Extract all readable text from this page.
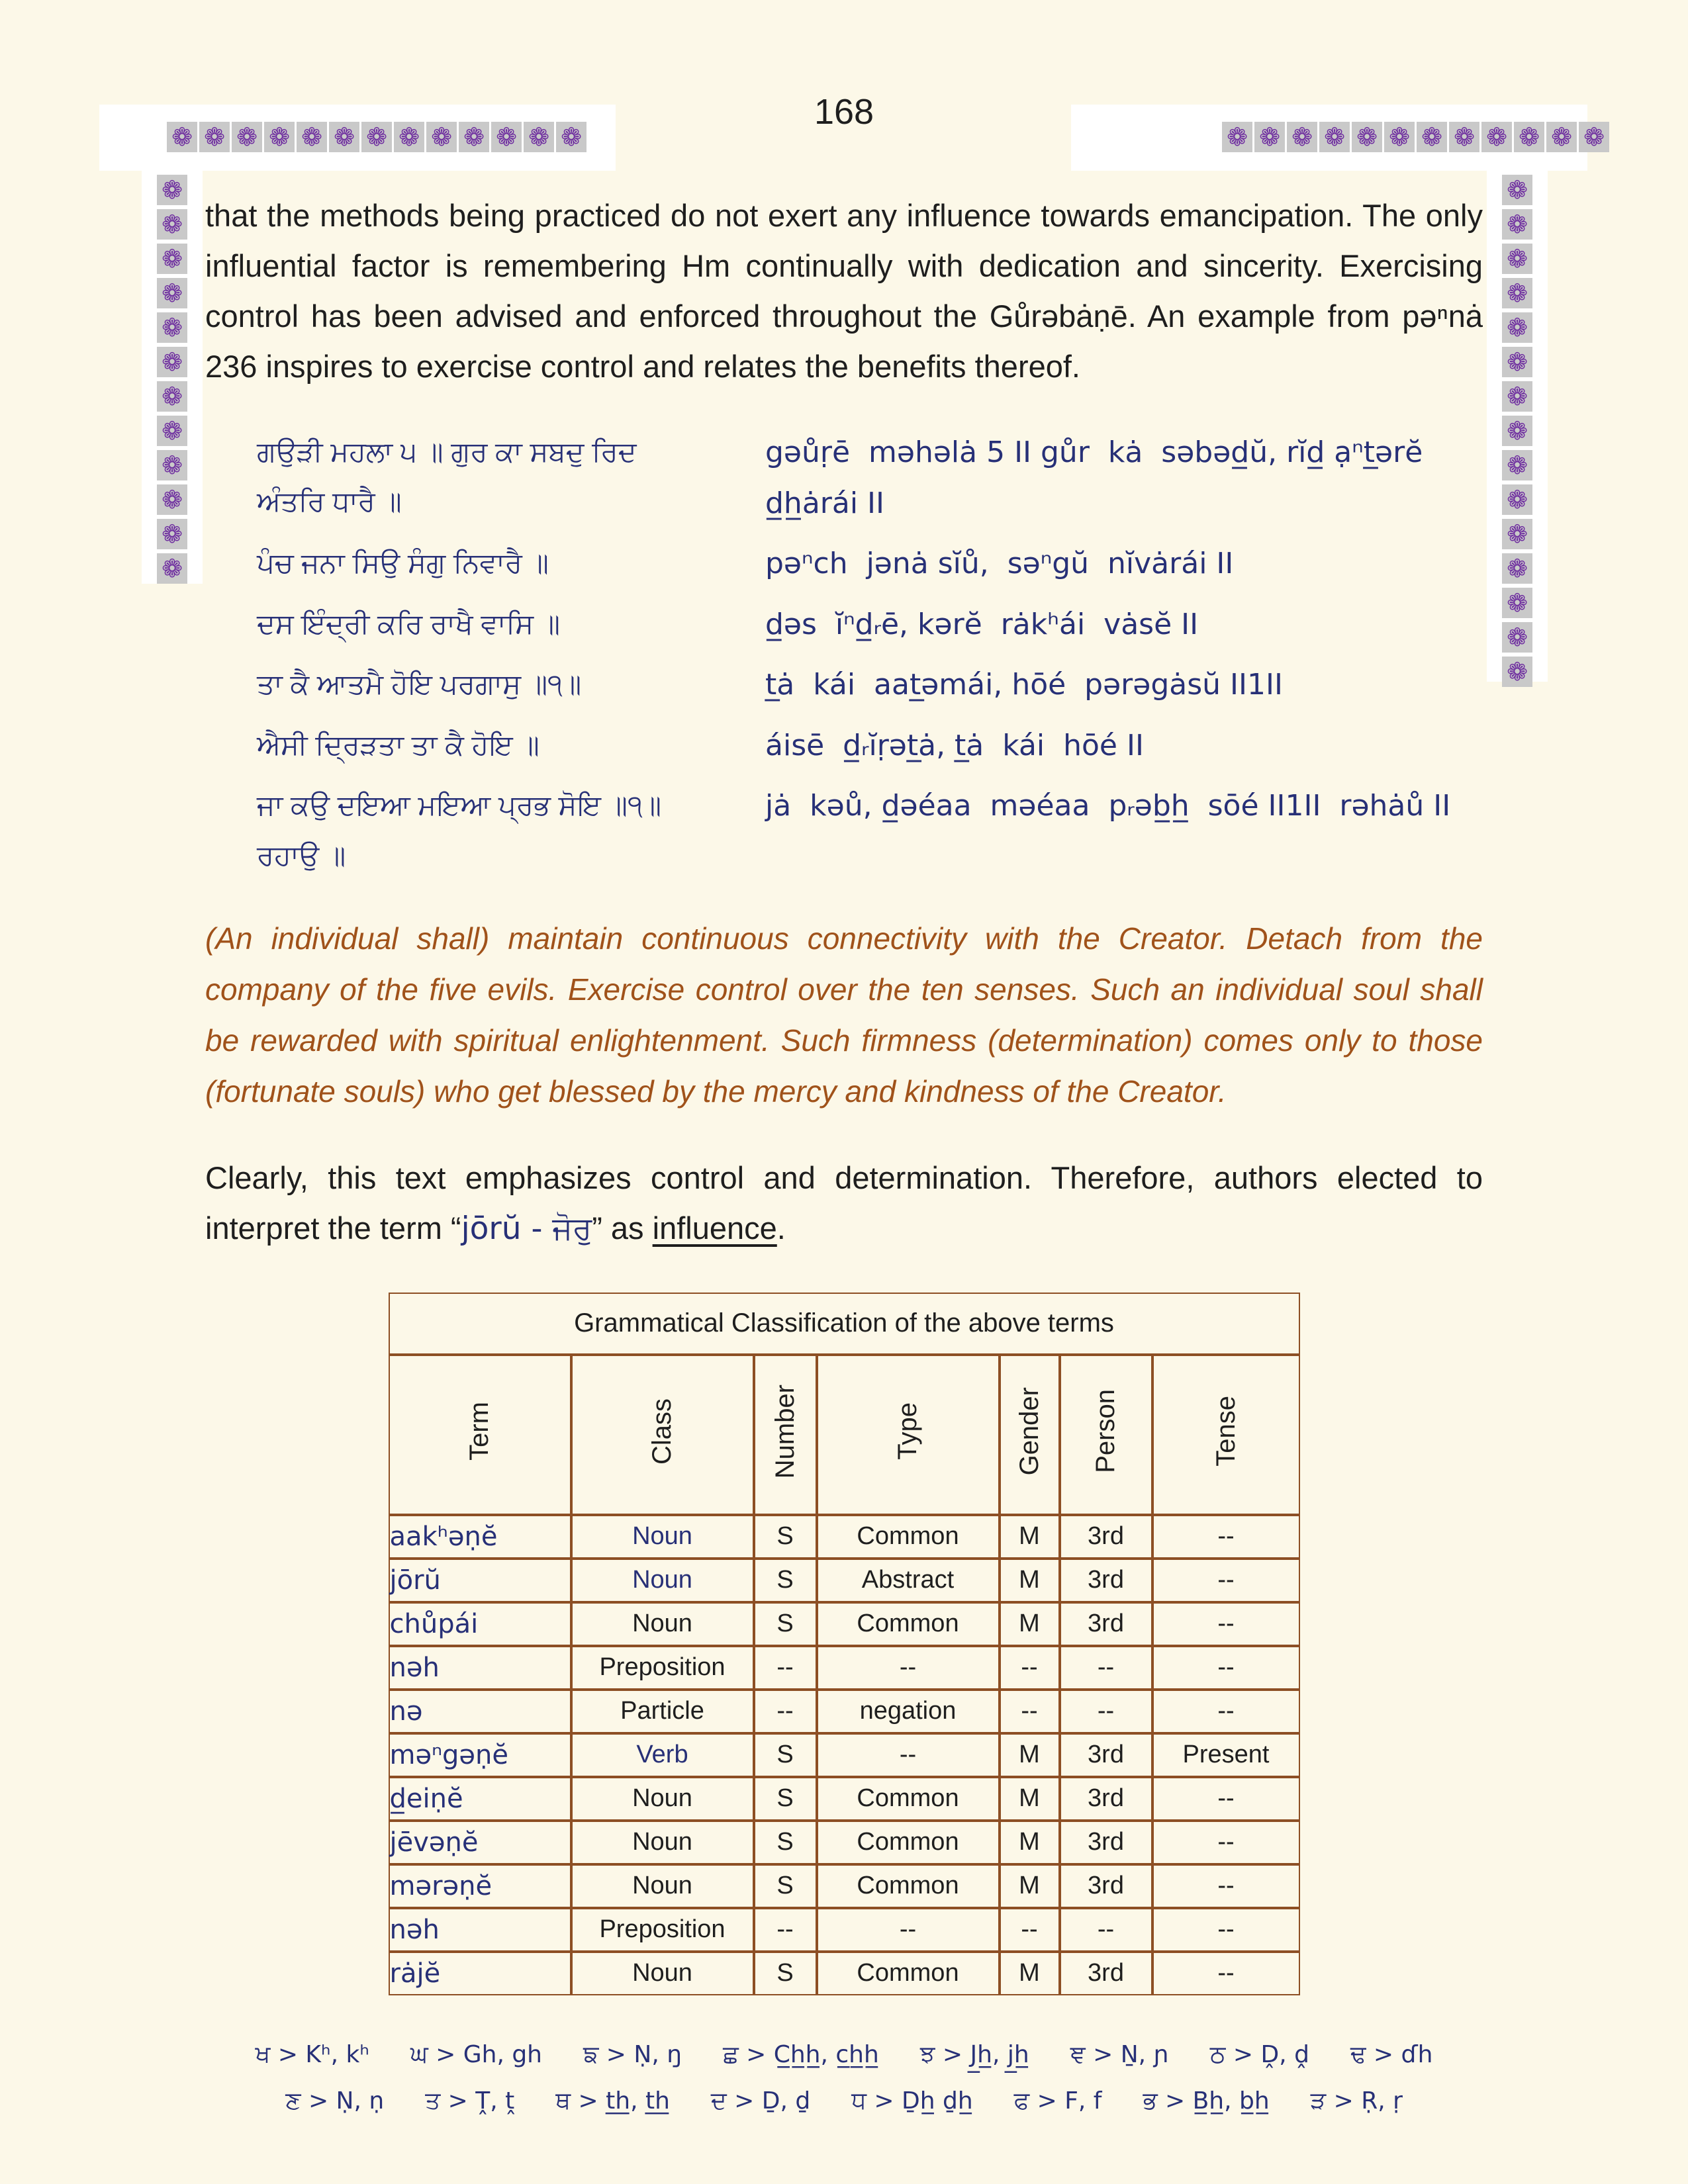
❁ ❁ ❁ ❁ ❁ ❁ ❁ ❁ ❁ ❁ ❁ ❁ ❁	❁ ❁ ❁ ❁ ❁ ❁ ❁ ❁ ❁ ❁ ❁ ❁
❁
❁
❁
❁
❁
❁
❁
❁
❁
❁
❁
❁
❁
❁
❁
❁
❁
❁
❁
❁
❁
❁
❁
❁
❁
❁
❁
168

that the methods being practiced do not exert any influence towards emancipation. The only influential factor is remembering Hm continually with dedication and sincerity. Exercising control has been advised and enforced throughout the Gůrəbȧṇē. An example from pəⁿnȧ 236 inspires to exercise control and relates the benefits thereof.

ਗਉੜੀ ਮਹਲਾ ੫ ॥ ਗੁਰ ਕਾ ਸਬਦੁ ਰਿਦ ਅੰਤਰਿ ਧਾਰੈ ॥
gəůṛē  məhəlȧ 5 II gůr  kȧ  səbəd̲ŭ, rĭd̲ ạⁿt̲ərĕ  d̲h̲ȧrái II
ਪੰਚ ਜਨਾ ਸਿਉ ਸੰਗੁ ਨਿਵਾਰੈ ॥	pəⁿch  jənȧ sĭů,  səⁿgŭ  nĭvȧrái II
ਦਸ ਇੰਦ੍ਰੀ ਕਰਿ ਰਾਖੈ ਵਾਸਿ ॥	d̲əs  ĭⁿd̲ᵣē, kərĕ  rȧkʰái  vȧsĕ II
ਤਾ ਕੈ ਆਤਮੈ ਹੋਇ ਪਰਗਾਸੁ ॥੧॥	t̲ȧ  kái  aat̲əmái, hōé  pərəgȧsŭ II1II
ਐਸੀ ਦ੍ਰਿੜਤਾ ਤਾ ਕੈ ਹੋਇ ॥	áisē  d̲ᵣĭṛət̲ȧ, t̲ȧ  kái  hōé II
ਜਾ ਕਉ ਦਇਆ ਮਇਆ ਪ੍ਰਭ ਸੋਇ ॥੧॥ ਰਹਾਉ ॥
jȧ  kəů, d̲əéaa  məéaa  pᵣəb̲h̲  sōé II1II  rəhȧů II

(An individual shall) maintain continuous connectivity with the Creator. Detach from the company of the five evils. Exercise control over the ten senses. Such an individual soul shall be rewarded with spiritual enlightenment. Such firmness (determination) comes only to those (fortunate souls) who get blessed by the mercy and kindness of the Creator.

Clearly, this text emphasizes control and determination. Therefore, authors elected to interpret the term “jōrŭ - ਜੋਰੁ” as influence.

Grammatical Classification of the above terms						
Term	Class	Number	Type	Gender	Person	Tense
aakʰəṇĕ	Noun	S	Common	M	3rd	--
jōrŭ	Noun	S	Abstract	M	3rd	--
chůpái	Noun	S	Common	M	3rd	--
nəh	Preposition	--	--	--	--	--
nə	Particle	--	negation	--	--	--
məⁿgəṇĕ	Verb	S	--	M	3rd	Present
d̲eiṇĕ	Noun	S	Common	M	3rd	--
jēvəṇĕ	Noun	S	Common	M	3rd	--
mərəṇĕ	Noun	S	Common	M	3rd	--
nəh	Preposition	--	--	--	--	--
rȧjĕ	Noun	S	Common	M	3rd	--
ਖ > Kʰ, kʰ ਘ > Gh, gh ਙ > Ṇ, ŋ ਛ > C̲h̲h̲, c̲h̲h̲ ਝ > J̲h̲, j̲h̲ ਞ > Ṉ, ɲ ਠ > Ḓ, ḓ ਢ > ɗh
ਣ > Ṇ, ṇ ਤ > Ṱ, ṱ ਥ > t̲h̲, t̲h̲ ਦ > Ḏ, ḏ ਧ > Ḏh̲ ḏh̲ ਫ > F, f ਭ > B̲h̲, b̲h̲ ੜ > Ṛ, ṛ
